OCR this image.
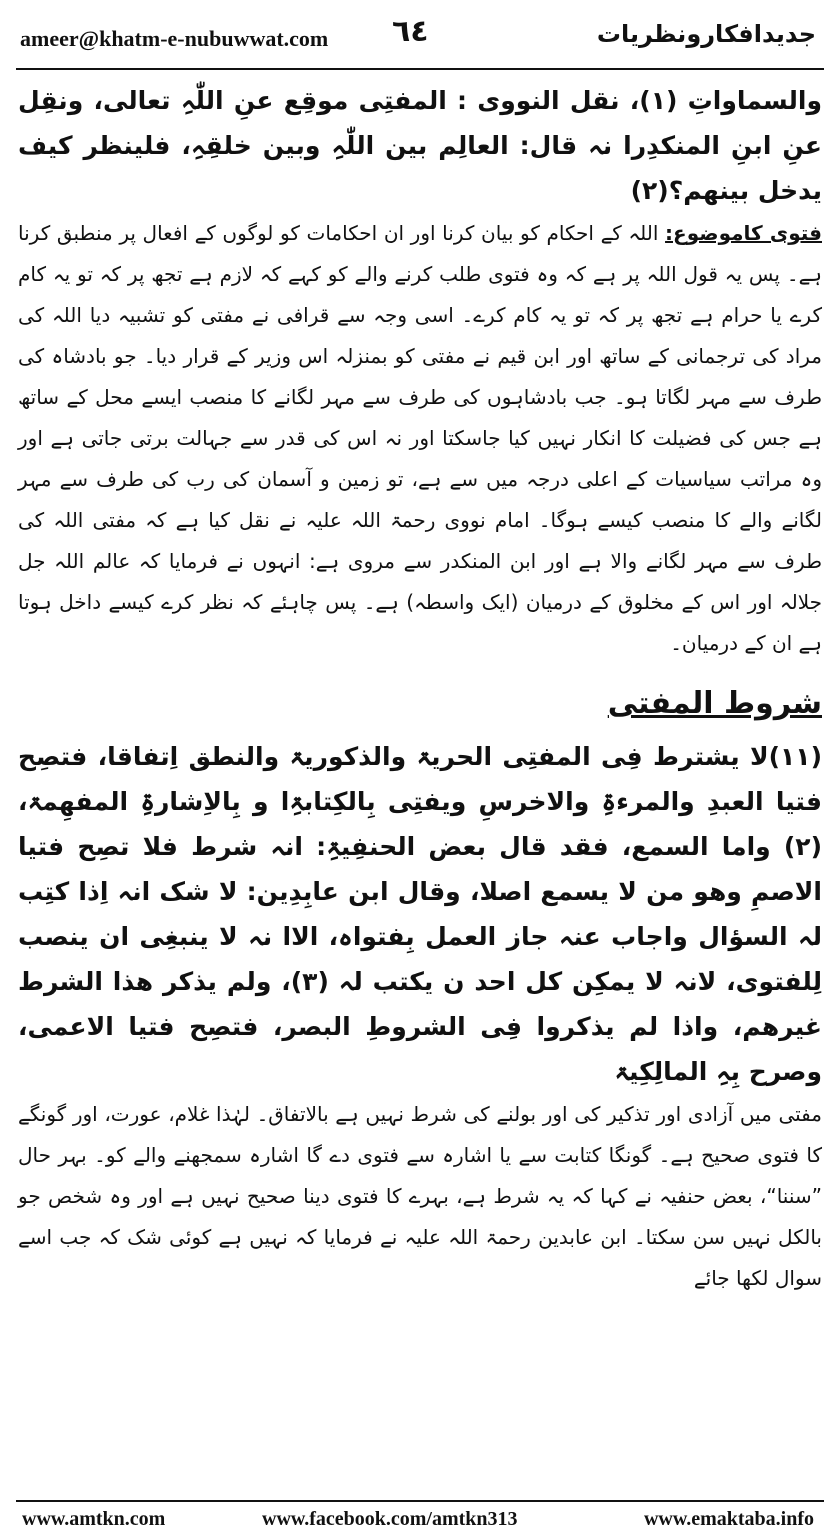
ameer@khatm-e-nubuwwat.com ٦٤	جدیدافکارونظریات

والسماواتِ (١)، نقل النووی : المفتِی موقِع عنِ اللّٰہِ تعالی، ونقِل عنِ ابنِ المنکدِرا نہ قال: العالِم بین اللّٰہِ وبین خلقِہِ، فلینظر کیف یدخل بینھم؟(٢)

فتوی کاموضوع: اللہ کے احکام کو بیان کرنا اور ان احکامات کو لوگوں کے افعال پر منطبق کرنا ہے۔ پس یہ قول اللہ پر ہے کہ وہ فتوی طلب کرنے والے کو کہے کہ لازم ہے تجھ پر کہ تو یہ کام کرے یا حرام ہے تجھ پر کہ تو یہ کام کرے۔ اسی وجہ سے قرافی نے مفتی کو تشبیہ دیا اللہ کی مراد کی ترجمانی کے ساتھ اور ابن قیم نے مفتی کو بمنزلہ اس وزیر کے قرار دیا۔ جو بادشاہ کی طرف سے مہر لگاتا ہو۔ جب بادشاہوں کی طرف سے مہر لگانے کا منصب ایسے محل کے ساتھ ہے جس کی فضیلت کا انکار نہیں کیا جاسکتا اور نہ اس کی قدر سے جہالت برتی جاتی ہے اور وہ مراتب سیاسیات کے اعلی درجہ میں سے ہے، تو زمین و آسمان کی رب کی طرف سے مہر لگانے والے کا منصب کیسے ہوگا۔ امام نووی رحمۃ اللہ علیہ نے نقل کیا ہے کہ مفتی اللہ کی طرف سے مہر لگانے والا ہے اور ابن المنکدر سے مروی ہے: انہوں نے فرمایا کہ عالم اللہ جل جلالہ اور اس کے مخلوق کے درمیان (ایک واسطہ) ہے۔ پس چاہئے کہ نظر کرے کیسے داخل ہوتا ہے ان کے درمیان۔

شروط المفتی

(١١)لا یشترط فِی المفتِی الحریۃ والذکوریۃ والنطق اِتفاقا، فتصِح فتیا العبدِ والمرءۃِ والاخرسِ ویفتِی بِالکِتابۃِا و بِالاِشارۃِ المفھِمۃ، (٢) واما السمع، فقد قال بعض الحنفِیۃِ: انہ شرط فلا تصِح فتیا الاصمِ وھو من لا یسمع اصلا، وقال ابن عابِدِین: لا شک انہ اِذا کتِب لہ السؤال واجاب عنہ جاز العمل بِفتواہ، الاا نہ لا ینبغِی ان ینصب لِلفتوی، لانہ لا یمکِن کل احد ن یکتب لہ (٣)، ولم یذکر ھذا الشرط غیرھم، واذا لم یذکروا فِی الشروطِ البصر، فتصِح فتیا الاعمی، وصرح بِہِ المالِکِیۃ

مفتی میں آزادی اور تذکیر کی اور بولنے کی شرط نہیں ہے بالاتفاق۔ لہٰذا غلام، عورت، اور گونگے کا فتوی صحیح ہے۔ گونگا کتابت سے یا اشارہ سے فتوی دے گا اشارہ سمجھنے والے کو۔ بہر حال ”سننا“، بعض حنفیہ نے کہا کہ یہ شرط ہے، بہرے کا فتوی دینا صحیح نہیں ہے اور وہ شخص جو بالکل نہیں سن سکتا۔ ابن عابدین رحمۃ اللہ علیہ نے فرمایا کہ نہیں ہے کوئی شک کہ جب اسے سوال لکھا جائے

www.amtkn.com	www.facebook.com/amtkn313	www.emaktaba.info
